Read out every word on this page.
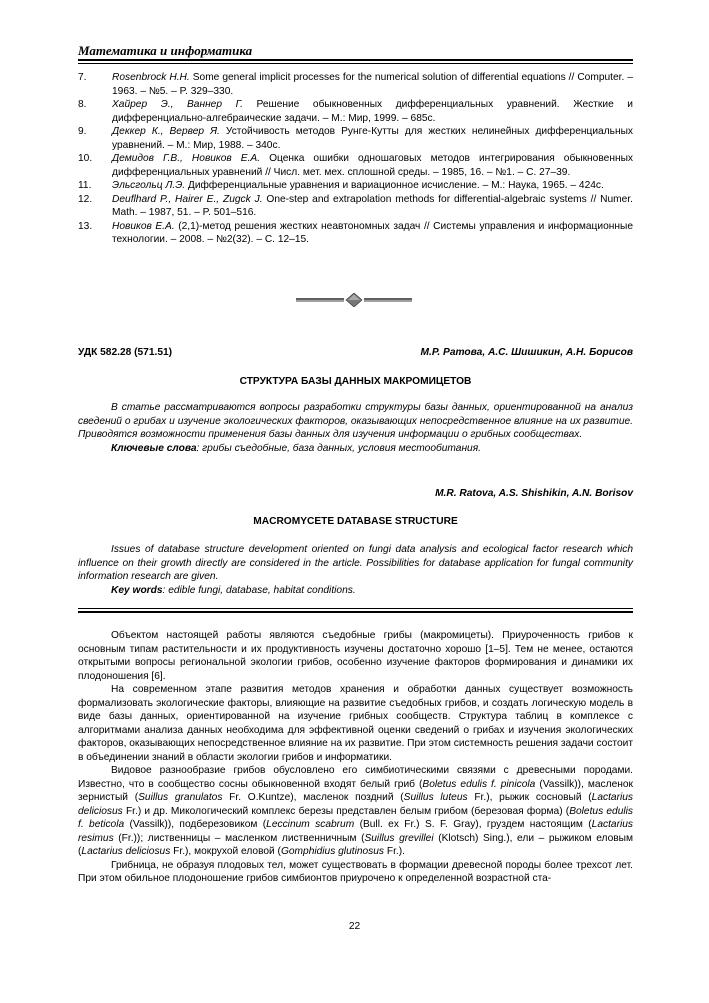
Математика и информатика

7.	Rosenbrock H.H. Some general implicit processes for the numerical solution of differential equations // Computer. – 1963. – №5. – P. 329–330.
8.	Хайрер Э., Ваннер Г. Решение обыкновенных дифференциальных уравнений. Жесткие и дифференциально-алгебраические задачи. – М.: Мир, 1999. – 685с.
9.	Деккер К., Вервер Я. Устойчивость методов Рунге-Кутты для жестких нелинейных дифференциальных уравнений. – М.: Мир, 1988. – 340с.
10.	Демидов Г.В., Новиков Е.А. Оценка ошибки одношаговых методов интегрирования обыкновенных дифференциальных уравнений // Числ. мет. мех. сплошной среды. – 1985, 16. – №1. – С. 27–39.
11.	Эльсгольц Л.Э. Дифференциальные уравнения и вариационное исчисление. – М.: Наука, 1965. – 424с.
12.	Deuflhard P., Hairer E., Zugck J. One-step and extrapolation methods for differential-algebraic systems // Numer. Math. – 1987, 51. – P. 501–516.
13.	Новиков Е.А. (2,1)-метод решения жестких неавтономных задач // Системы управления и информационные технологии. – 2008. – №2(32). – С. 12–15.
УДК 582.28 (571.51)	М.Р. Ратова, А.С. Шишикин, А.Н. Борисов

СТРУКТУРА БАЗЫ ДАННЫХ МАКРОМИЦЕТОВ

В статье рассматриваются вопросы разработки структуры базы данных, ориентированной на анализ сведений о грибах и изучение экологических факторов, оказывающих непосредственное влияние на их развитие. Приводятся возможности применения базы данных для изучения информации о грибных сообществах.

Ключевые слова: грибы съедобные, база данных, условия местообитания.

M.R. Ratova, A.S. Shishikin, A.N. Borisov

MACROMYCETE DATABASE STRUCTURE

Issues of database structure development oriented on fungi data analysis and ecological factor research which influence on their growth directly are considered in the article. Possibilities for database application for fungal community information research are given.

Key words: edible fungi, database, habitat conditions.

Объектом настоящей работы являются съедобные грибы (макромицеты). Приуроченность грибов к основным типам растительности и их продуктивность изучены достаточно хорошо [1–5]. Тем не менее, остаются открытыми вопросы региональной экологии грибов, особенно изучение факторов формирования и динамики их плодоношения [6].

На современном этапе развития методов хранения и обработки данных существует возможность формализовать экологические факторы, влияющие на развитие съедобных грибов, и создать логическую модель в виде базы данных, ориентированной на изучение грибных сообществ. Структура таблиц в комплексе с алгоритмами анализа данных необходима для эффективной оценки сведений о грибах и изучения экологических факторов, оказывающих непосредственное влияние на их развитие. При этом системность решения задачи состоит в объединении знаний в области экологии грибов и информатики.

Видовое разнообразие грибов обусловлено его симбиотическими связями с древесными породами. Известно, что в сообщество сосны обыкновенной входят белый гриб (Boletus edulis f. pinicola (Vassilk)), масленок зернистый (Suillus granulatos Fr. O.Kuntze), масленок поздний (Suillus luteus Fr.), рыжик сосновый (Lactarius deliciosus Fr.) и др. Микологический комплекс березы представлен белым грибом (березовая форма) (Boletus edulis f. beticola (Vassilk)), подберезовиком (Leccinum scabrum (Bull. ex Fr.) S. F. Gray), груздем настоящим (Lactarius resimus (Fr.)); лиственницы – масленком лиственничным (Suillus grevillei (Klotsch) Sing.), ели – рыжиком еловым (Lactarius deliciosus Fr.), мокрухой еловой (Gomphidius glutinosus Fr.).

Грибница, не образуя плодовых тел, может существовать в формации древесной породы более трехсот лет. При этом обильное плодоношение грибов симбионтов приурочено к определенной возрастной ста-

22
